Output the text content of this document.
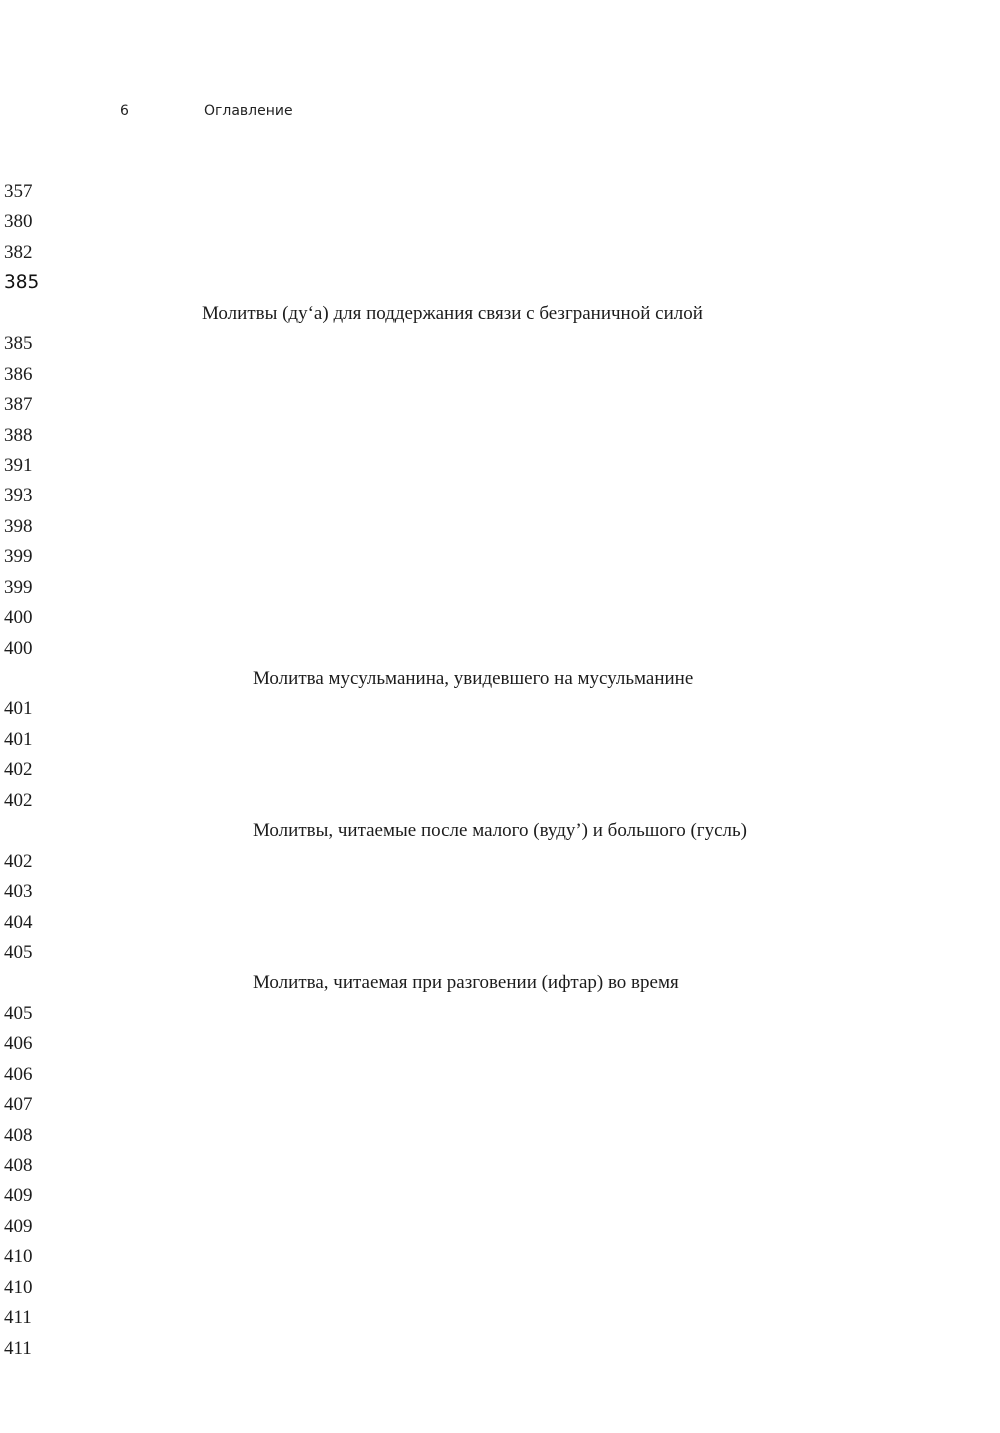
6	Оглавление
. . .
357
. . .
380
. . .
382
. . .
385
Молитвы (дуʻа) для поддержания связи с безграничной силой
. . .
385
. . .
386
. . .
387
. . .
388
. . .
391
. . .
393
. . .
398
. . .
399
. . .
399
. . .
400
. . .
400
Молитва мусульманина, увидевшего на мусульманине
. . .
401
. . .
401
. . .
402
. . .
402
Молитвы, читаемые после малого (вудуʼ) и большого (гусль)
. . .
402
. . .
403
. . .
404
. . .
405
Молитва, читаемая при разговении (ифтар) во время
. . .
405
. . .
406
. . .
406
. . .
407
. . .
408
. . .
408
. . .
409
. . .
409
. . .
410
. . .
410
. . .
411
. . .
411
